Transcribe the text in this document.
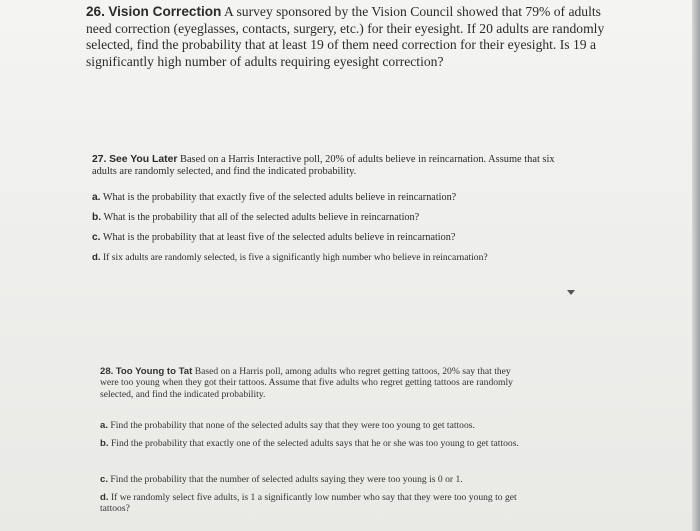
26. Vision Correction A survey sponsored by the Vision Council showed that 79% of adults need correction (eyeglasses, contacts, surgery, etc.) for their eyesight. If 20 adults are randomly selected, find the probability that at least 19 of them need correction for their eyesight. Is 19 a significantly high number of adults requiring eyesight correction?
27. See You Later Based on a Harris Interactive poll, 20% of adults believe in reincarnation. Assume that six adults are randomly selected, and find the indicated probability.
a. What is the probability that exactly five of the selected adults believe in reincarnation?
b. What is the probability that all of the selected adults believe in reincarnation?
c. What is the probability that at least five of the selected adults believe in reincarnation?
d. If six adults are randomly selected, is five a significantly high number who believe in reincarnation?
28. Too Young to Tat Based on a Harris poll, among adults who regret getting tattoos, 20% say that they were too young when they got their tattoos. Assume that five adults who regret getting tattoos are randomly selected, and find the indicated probability.
a. Find the probability that none of the selected adults say that they were too young to get tattoos.
b. Find the probability that exactly one of the selected adults says that he or she was too young to get tattoos.
c. Find the probability that the number of selected adults saying they were too young is 0 or 1.
d. If we randomly select five adults, is 1 a significantly low number who say that they were too young to get tattoos?
